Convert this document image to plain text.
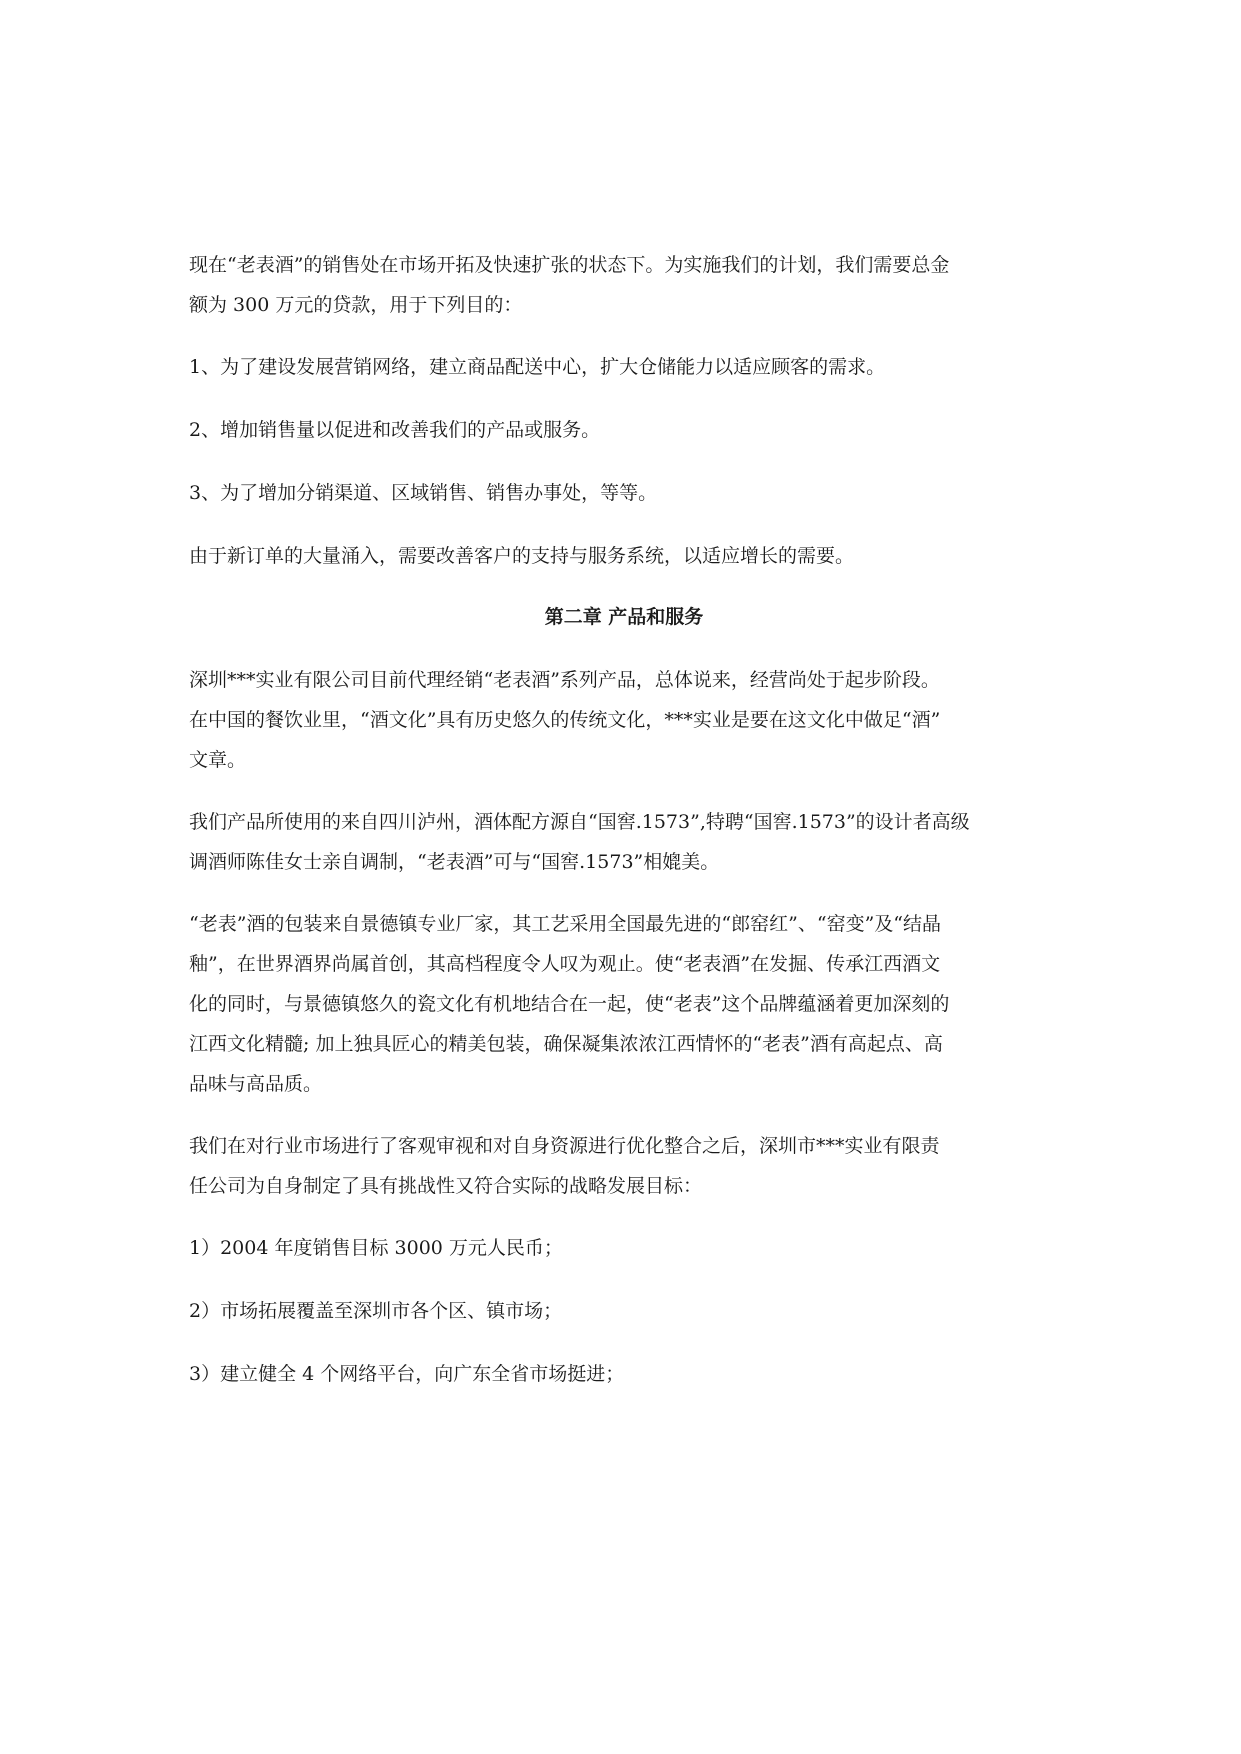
现在“老表酒”的销售处在市场开拓及快速扩张的状态下。为实施我们的计划，我们需要总金
额为 300 万元的贷款，用于下列目的：

1、为了建设发展营销网络，建立商品配送中心，扩大仓储能力以适应顾客的需求。

2、增加销售量以促进和改善我们的产品或服务。

3、为了增加分销渠道、区域销售、销售办事处，等等。

由于新订单的大量涌入，需要改善客户的支持与服务系统，以适应增长的需要。

第二章 产品和服务

深圳***实业有限公司目前代理经销“老表酒”系列产品，总体说来，经营尚处于起步阶段。
在中国的餐饮业里，“酒文化”具有历史悠久的传统文化，***实业是要在这文化中做足“酒”
文章。

我们产品所使用的来自四川泸州，酒体配方源自“国窖.1573”,特聘“国窖.1573”的设计者高级
调酒师陈佳女士亲自调制，“老表酒”可与“国窖.1573”相媲美。

“老表”酒的包装来自景德镇专业厂家，其工艺采用全国最先进的“郎窑红”、“窑变”及“结晶
釉”，在世界酒界尚属首创，其高档程度令人叹为观止。使“老表酒”在发掘、传承江西酒文
化的同时，与景德镇悠久的瓷文化有机地结合在一起，使“老表”这个品牌蕴涵着更加深刻的
江西文化精髓; 加上独具匠心的精美包装，确保凝集浓浓江西情怀的“老表”酒有高起点、高
品味与高品质。

我们在对行业市场进行了客观审视和对自身资源进行优化整合之后，深圳市***实业有限责
任公司为自身制定了具有挑战性又符合实际的战略发展目标：

1）2004 年度销售目标 3000 万元人民币；

2）市场拓展覆盖至深圳市各个区、镇市场；

3）建立健全 4 个网络平台，向广东全省市场挺进；
